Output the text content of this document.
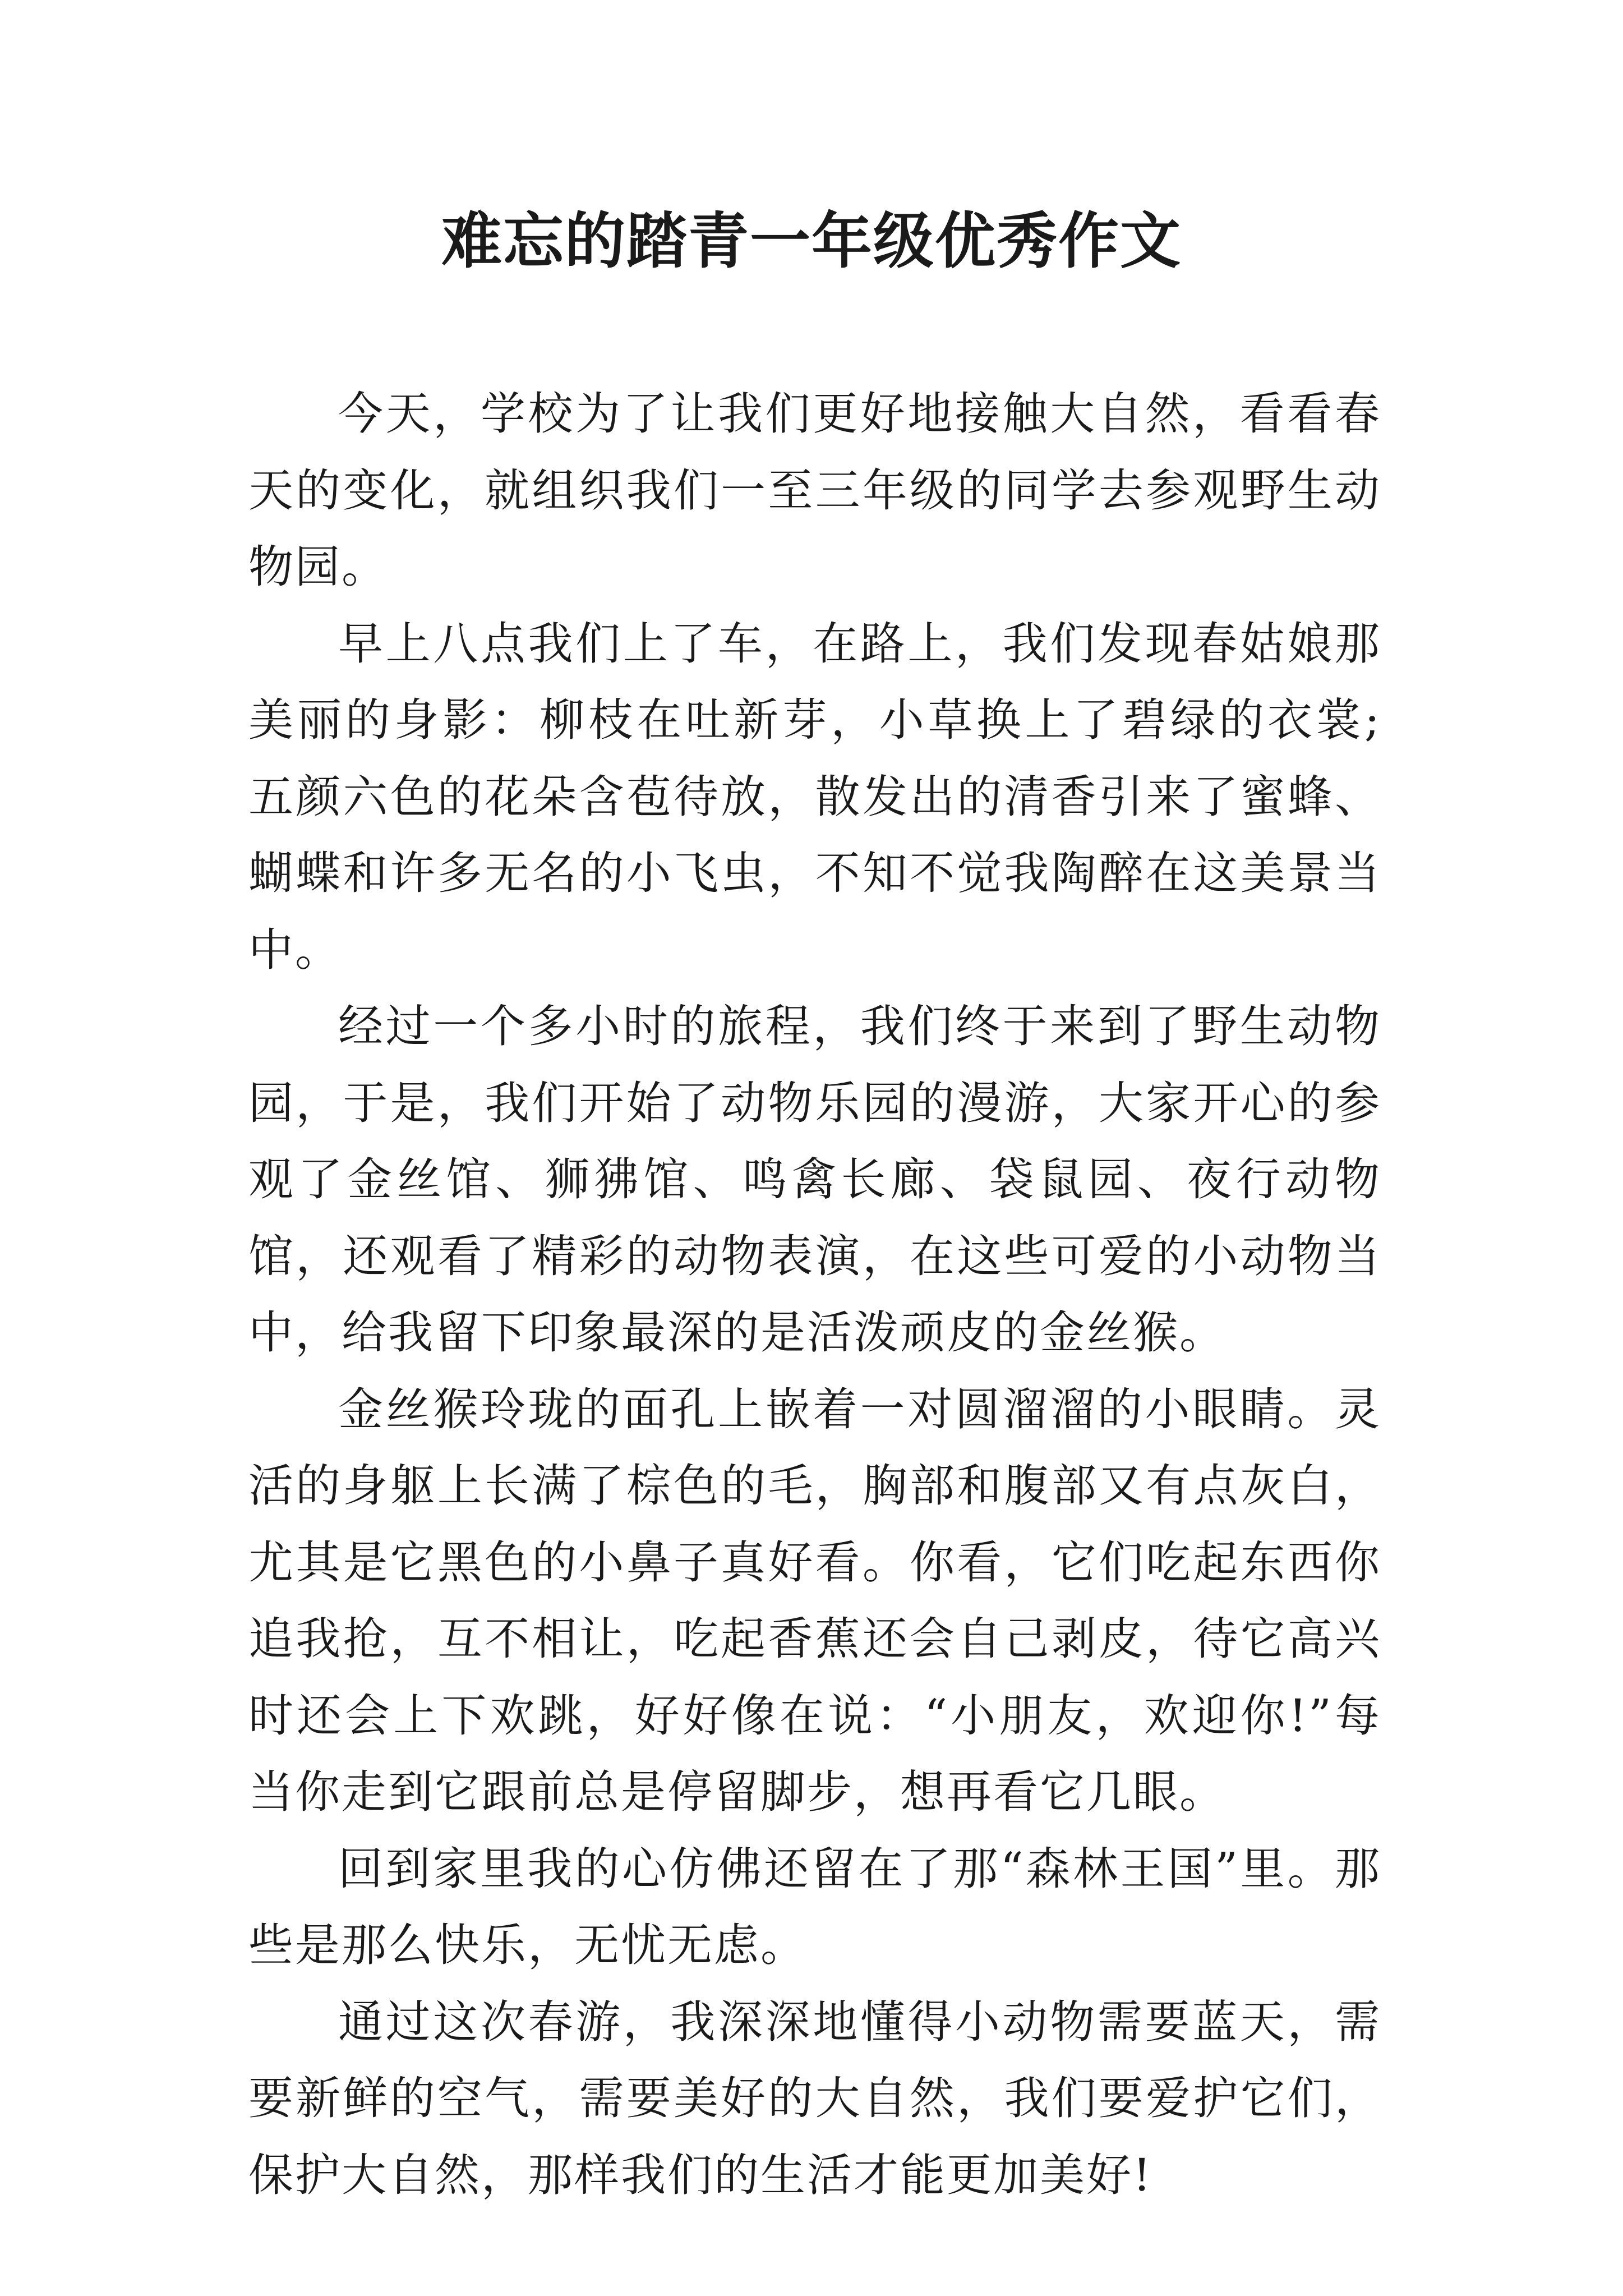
难忘的踏青一年级优秀作文

今天，学校为了让我们更好地接触大自然，看看春天的变化，就组织我们一至三年级的同学去参观野生动物园。

早上八点我们上了车，在路上，我们发现春姑娘那美丽的身影：柳枝在吐新芽，小草换上了碧绿的衣裳;五颜六色的花朵含苞待放，散发出的清香引来了蜜蜂、蝴蝶和许多无名的小飞虫，不知不觉我陶醉在这美景当中。

经过一个多小时的旅程，我们终于来到了野生动物园，于是，我们开始了动物乐园的漫游，大家开心的参观了金丝馆、狮狒馆、鸣禽长廊、袋鼠园、夜行动物馆，还观看了精彩的动物表演，在这些可爱的小动物当中，给我留下印象最深的是活泼顽皮的金丝猴。

金丝猴玲珑的面孔上嵌着一对圆溜溜的小眼睛。灵活的身躯上长满了棕色的毛，胸部和腹部又有点灰白，尤其是它黑色的小鼻子真好看。你看，它们吃起东西你追我抢，互不相让，吃起香蕉还会自己剥皮，待它高兴时还会上下欢跳，好好像在说：“小朋友，欢迎你!”每当你走到它跟前总是停留脚步，想再看它几眼。

回到家里我的心仿佛还留在了那“森林王国”里。那些是那么快乐，无忧无虑。

通过这次春游，我深深地懂得小动物需要蓝天，需要新鲜的空气，需要美好的大自然，我们要爱护它们，保护大自然，那样我们的生活才能更加美好!
